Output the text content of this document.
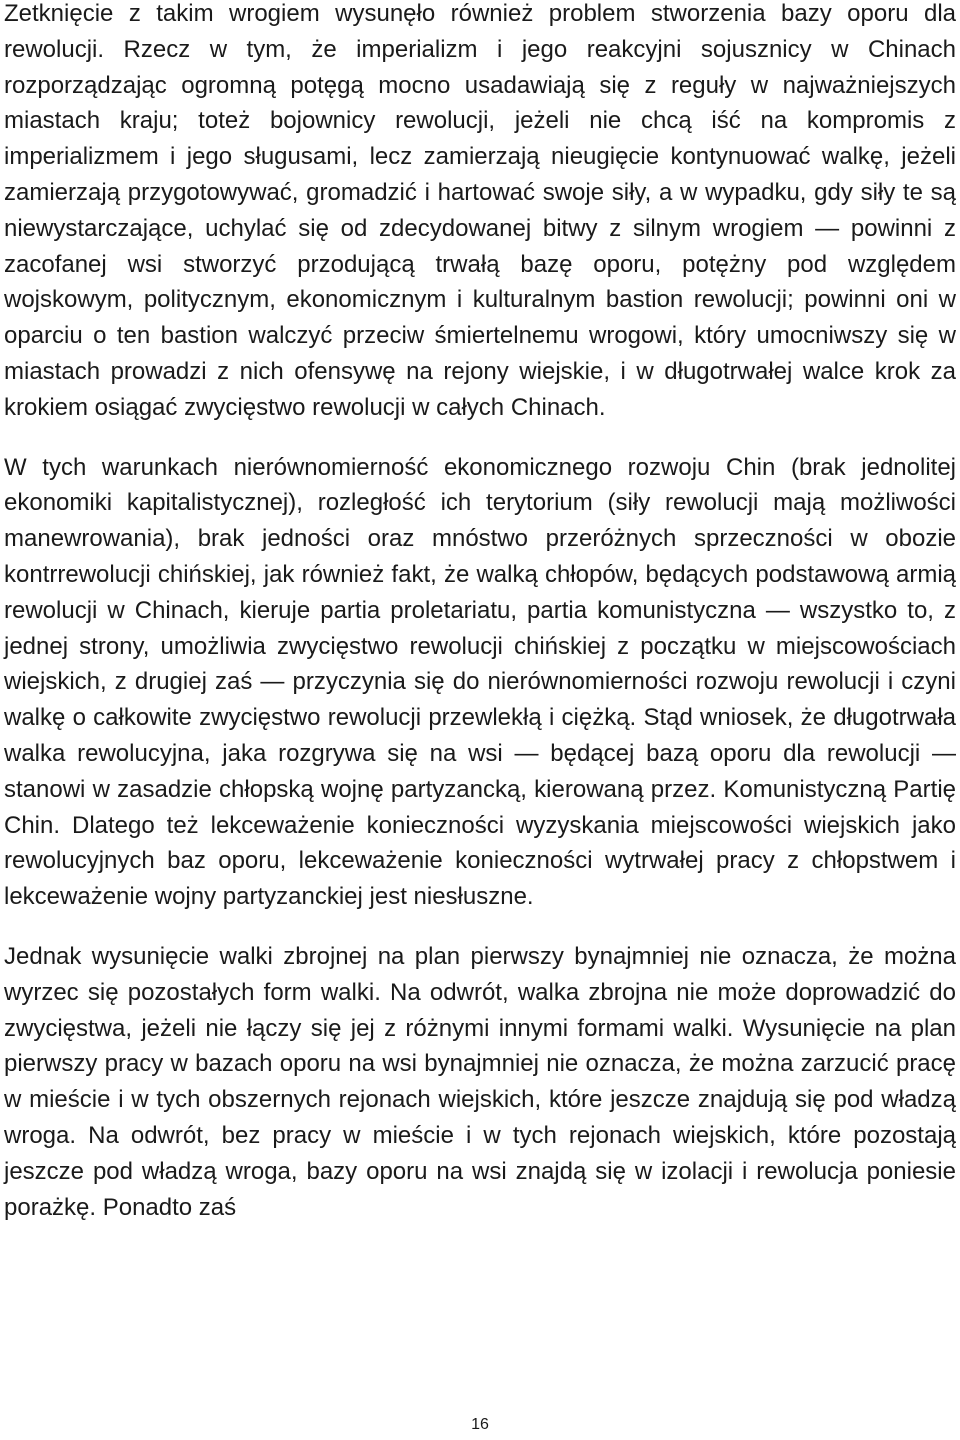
Zetknięcie z takim wrogiem wysunęło również problem stworzenia bazy oporu dla rewolucji. Rzecz w tym, że imperializm i jego reakcyjni sojusznicy w Chinach rozporządzając ogromną potęgą mocno usadawiają się z reguły w najważniejszych miastach kraju; toteż bojownicy rewolucji, jeżeli nie chcą iść na kompromis z imperializmem i jego sługusami, lecz zamierzają nieugięcie kontynuować walkę, jeżeli zamierzają przygotowywać, gromadzić i hartować swoje siły, a w wypadku, gdy siły te są niewystarczające, uchylać się od zdecydowanej bitwy z silnym wrogiem — powinni z zacofanej wsi stworzyć przodującą trwałą bazę oporu, potężny pod względem wojskowym, politycznym, ekonomicznym i kulturalnym bastion rewolucji; powinni oni w oparciu o ten bastion walczyć przeciw śmiertelnemu wrogowi, który umocniwszy się w miastach prowadzi z nich ofensywę na rejony wiejskie, i w długotrwałej walce krok za krokiem osiągać zwycięstwo rewolucji w całych Chinach.

W tych warunkach nierównomierność ekonomicznego rozwoju Chin (brak jednolitej ekonomiki kapitalistycznej), rozległość ich terytorium (siły rewolucji mają możliwości manewrowania), brak jedności oraz mnóstwo przeróżnych sprzeczności w obozie kontrrewolucji chińskiej, jak również fakt, że walką chłopów, będących podstawową armią rewolucji w Chinach, kieruje partia proletariatu, partia komunistyczna — wszystko to, z jednej strony, umożliwia zwycięstwo rewolucji chińskiej z początku w miejscowościach wiejskich, z drugiej zaś — przyczynia się do nierównomierności rozwoju rewolucji i czyni walkę o całkowite zwycięstwo rewolucji przewlekłą i ciężką. Stąd wniosek, że długotrwała walka rewolucyjna, jaka rozgrywa się na wsi — będącej bazą oporu dla rewolucji — stanowi w zasadzie chłopską wojnę partyzancką, kierowaną przez. Komunistyczną Partię Chin. Dlatego też lekceważenie konieczności wyzyskania miejscowości wiejskich jako rewolucyjnych baz oporu, lekceważenie konieczności wytrwałej pracy z chłopstwem i lekceważenie wojny partyzanckiej jest niesłuszne.

Jednak wysunięcie walki zbrojnej na plan pierwszy bynajmniej nie oznacza, że można wyrzec się pozostałych form walki. Na odwrót, walka zbrojna nie może doprowadzić do zwycięstwa, jeżeli nie łączy się jej z różnymi innymi formami walki. Wysunięcie na plan pierwszy pracy w bazach oporu na wsi bynajmniej nie oznacza, że można zarzucić pracę w mieście i w tych obszernych rejonach wiejskich, które jeszcze znajdują się pod władzą wroga. Na odwrót, bez pracy w mieście i w tych rejonach wiejskich, które pozostają jeszcze pod władzą wroga, bazy oporu na wsi znajdą się w izolacji i rewolucja poniesie porażkę. Ponadto zaś

16
